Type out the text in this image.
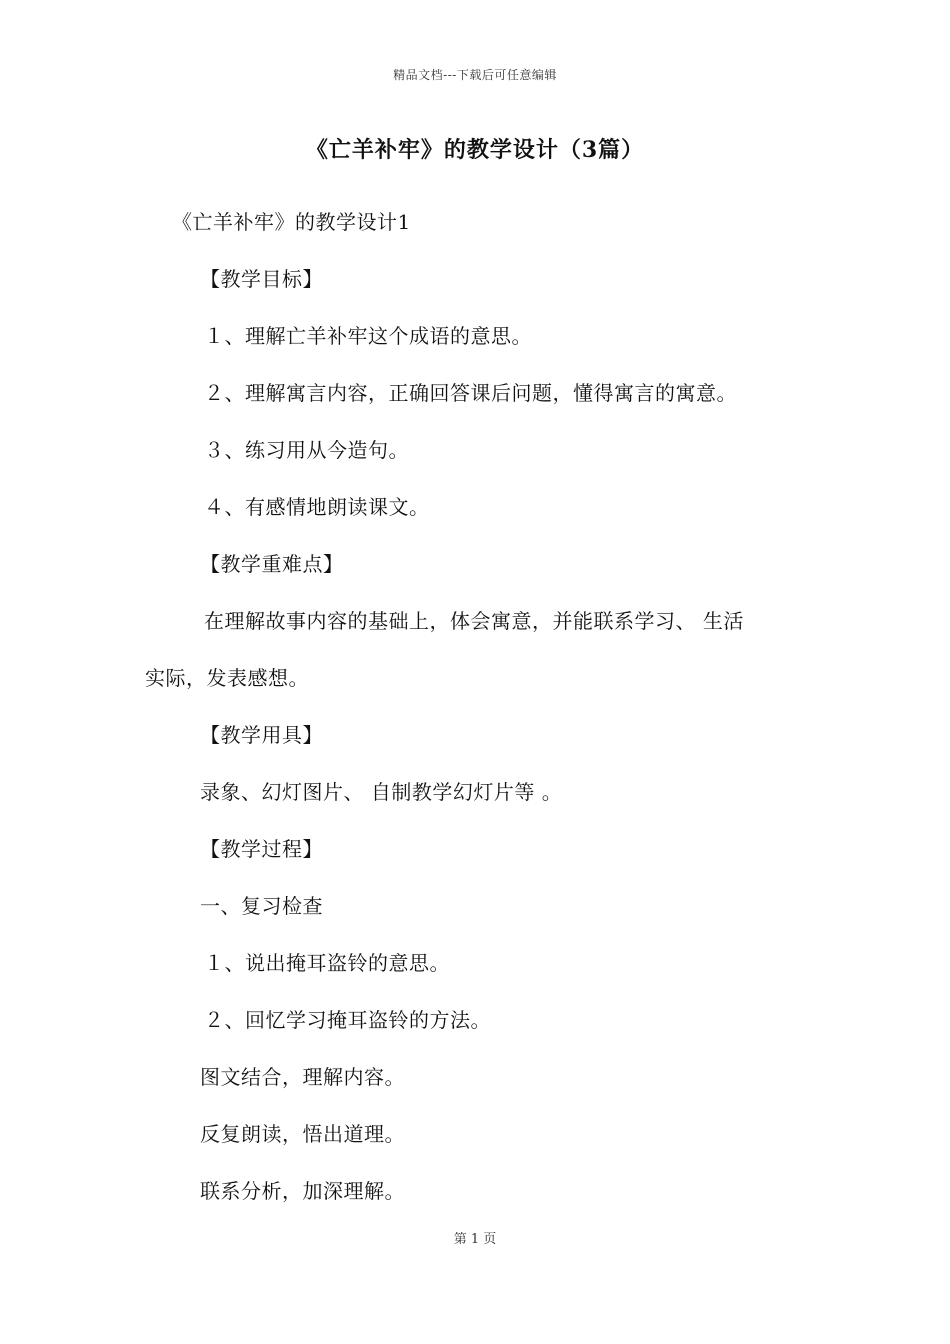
精品文档---下载后可任意编辑
《亡羊补牢》的教学设计（3篇）
《亡羊补牢》的教学设计1
【教学目标】
１、理解亡羊补牢这个成语的意思。
２、理解寓言内容，正确回答课后问题，懂得寓言的寓意。
３、练习用从今造句。
４、有感情地朗读课文。
【教学重难点】
在理解故事内容的基础上，体会寓意，并能联系学习、 生活
实际，发表感想。
【教学用具】
录象、幻灯图片、 自制教学幻灯片等 。
【教学过程】
一、复习检查
１、说出掩耳盗铃的意思。
２、回忆学习掩耳盗铃的方法。
图文结合，理解内容。
反复朗读，悟出道理。
联系分析，加深理解。
第 1 页
